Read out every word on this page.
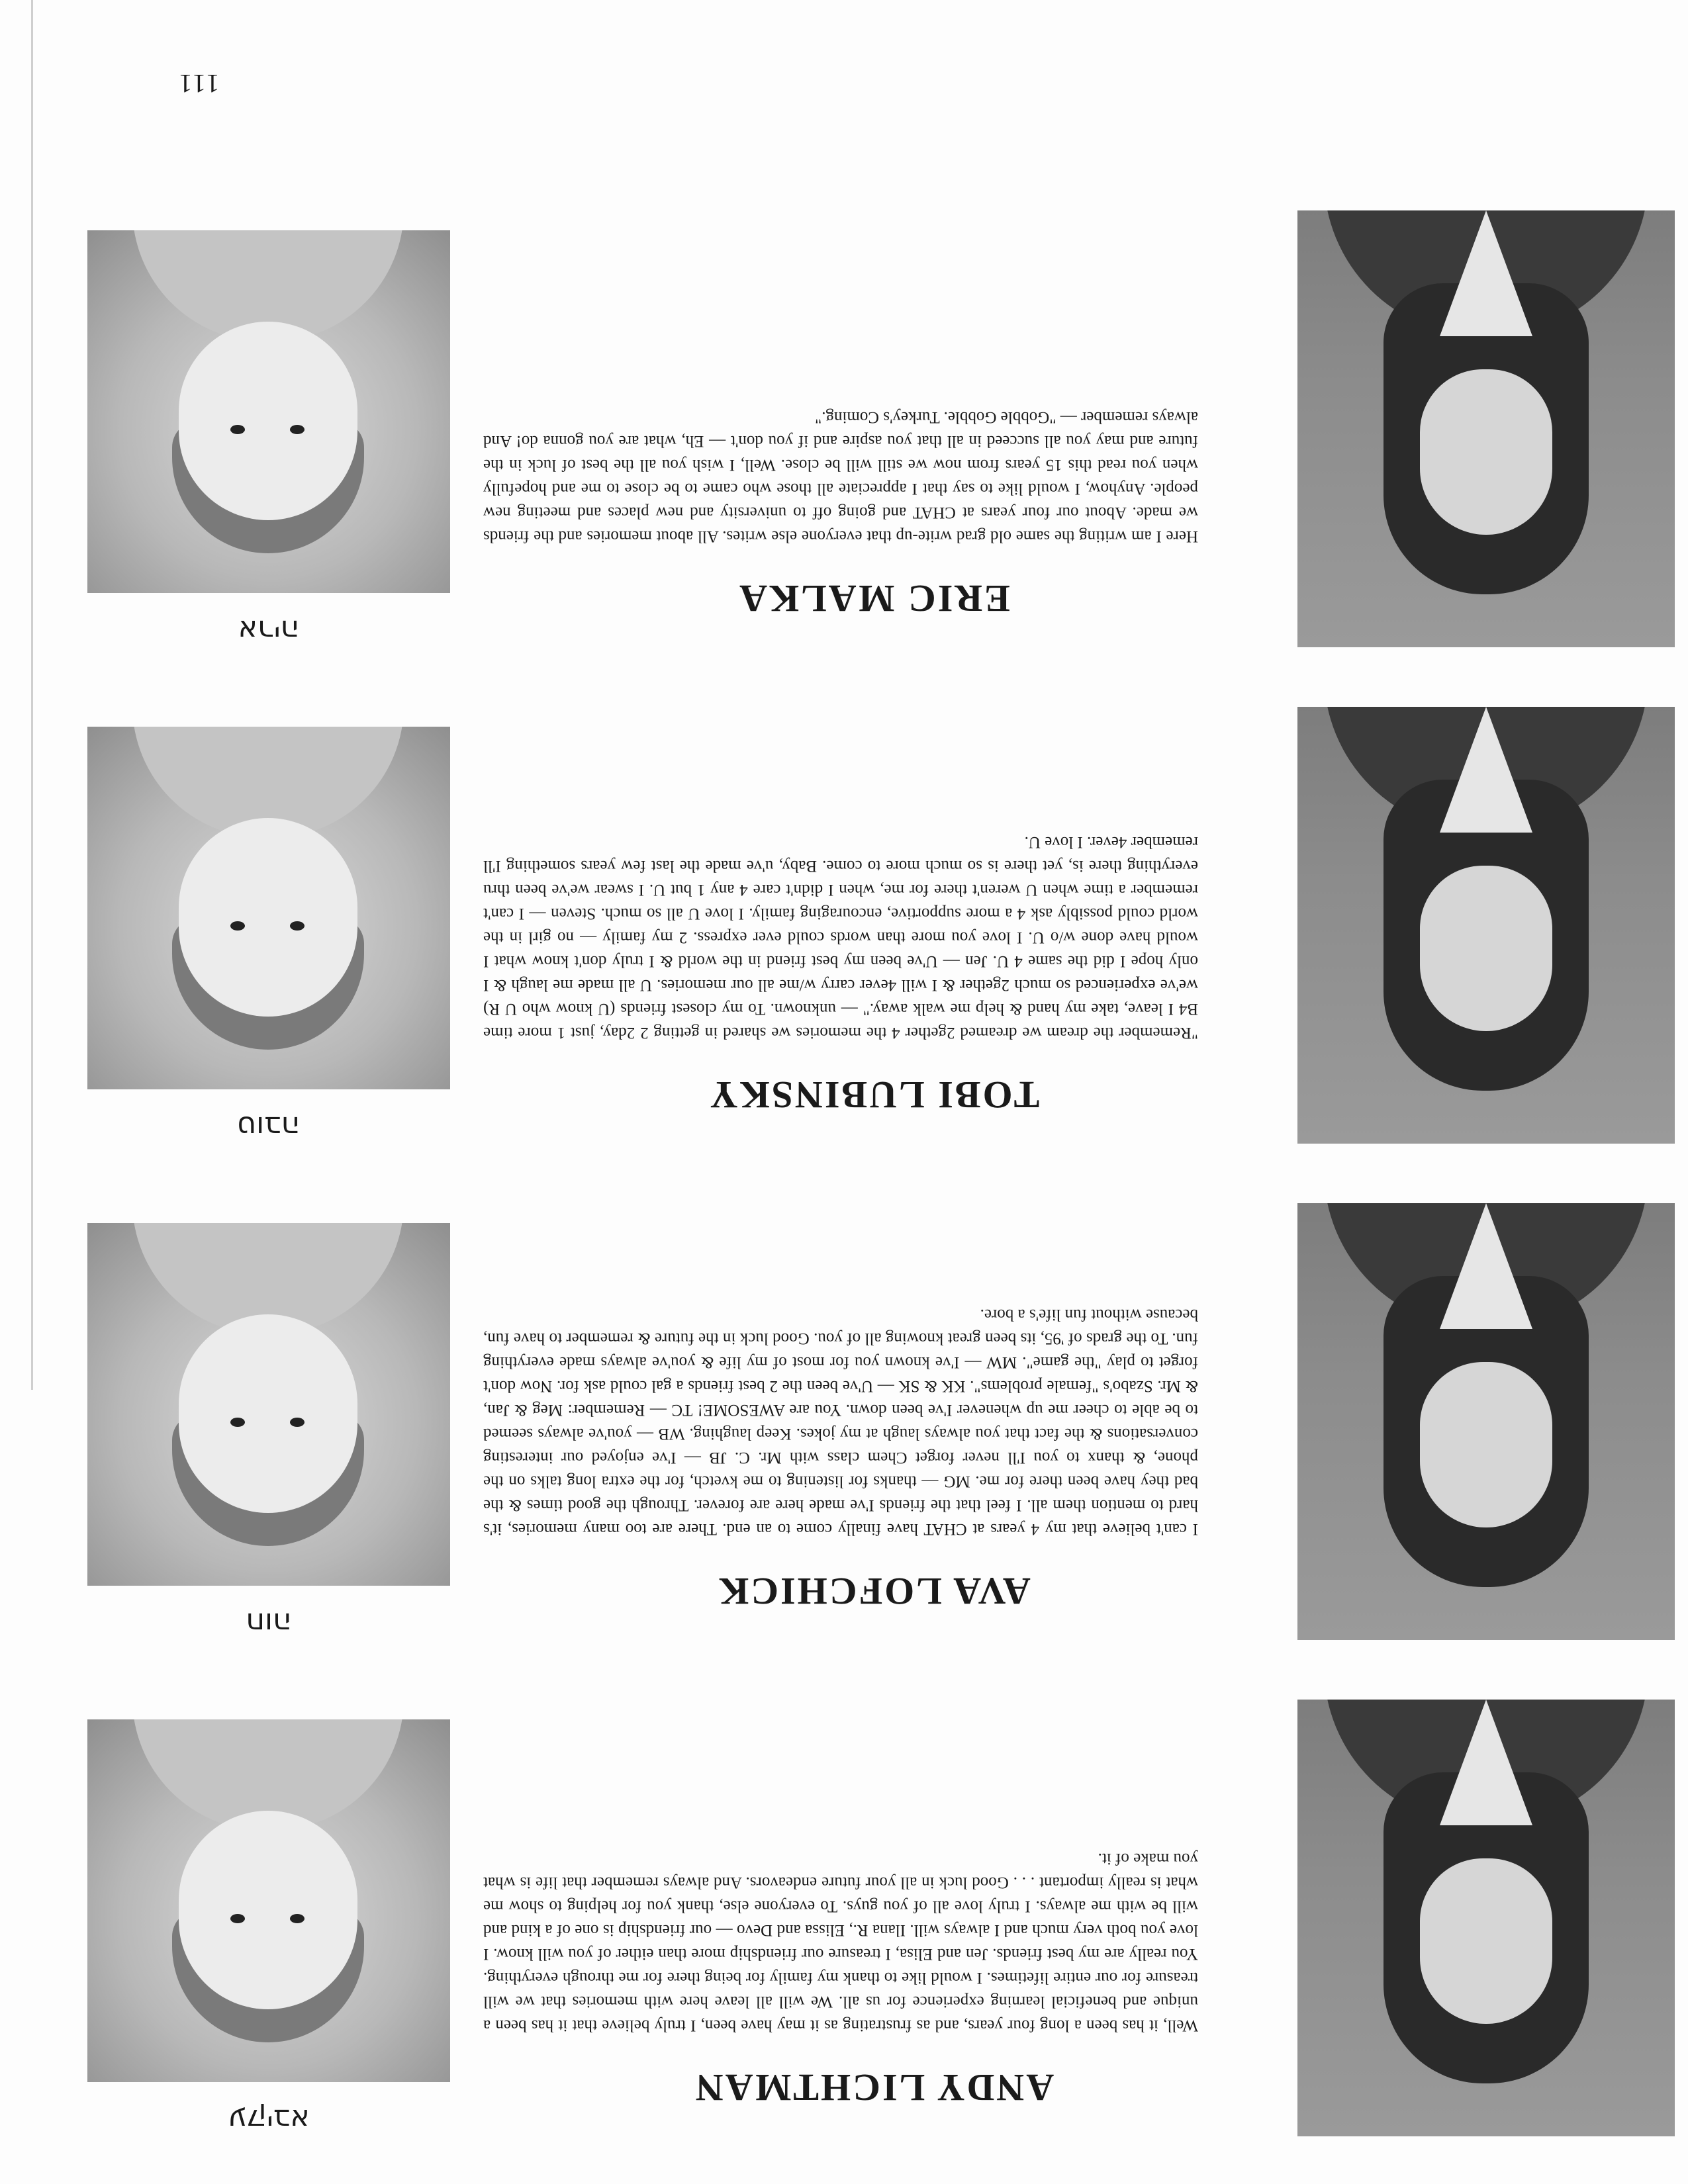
111
ANDY LICHTMAN
Well, it has been a long four years, and as frustrating as it may have been, I truly believe that it has been a unique and beneficial learning experience for us all. We will all leave here with memories that we will treasure for our entire lifetimes. I would like to thank my family for being there for me through everything. You really are my best friends. Jen and Elisa, I treasure our friendship more than either of you will know. I love you both very much and I always will. Ilana R., Elissa and Devo — our friendship is one of a kind and will be with me always. I truly love all of you guys. To everyone else, thank you for helping to show me what is really important . . . Good luck in all your future endeavors. And always remember that life is what you make of it.
עקיבא
AVA LOFCHICK
I can't believe that my 4 years at CHAT have finally come to an end. There are too many memories, it's hard to mention them all. I feel that the friends I've made here are forever. Through the good times & the bad they have been there for me. MG — thanks for listening to me kvetch, for the extra long talks on the phone, & thanx to you I'll never forget Chem class with Mr. C. JB — I've enjoyed our interesting conversations & the fact that you always laugh at my jokes. Keep laughing. WB — you've always seemed to be able to cheer me up whenever I've been down. You are AWESOME! TC — Remember: Meg & Jan, & Mr. Szabo's "female problems". KK & SK — U've been the 2 best friends a gal could ask for. Now don't forget to play "the game". MW — I've known you for most of my life & you've always made everything fun. To the grads of '95, its been great knowing all of you. Good luck in the future & remember to have fun, because without fun life's a bore.
חוה
TOBI LUBINSKY
"Remember the dream we dreamed 2gether 4 the memories we shared in getting 2 2day, just 1 more time B4 I leave, take my hand & help me walk away." — unknown. To my closest friends (U know who U R) we've experienced so much 2gether & I will 4ever carry w/me all our memories. U all made me laugh & I only hope I did the same 4 U. Jen — U've been my best friend in the world & I truly don't know what I would have done w/o U. I love you more than words could ever express. 2 my family — no girl in the world could possibly ask 4 a more supportive, encouraging family. I love U all so much. Steven — I can't remember a time when U weren't there for me, when I didn't care 4 any 1 but U. I swear we've been thru everything there is, yet there is so much more to come. Baby, u've made the last few years something I'll remember 4ever. I love U.
טובה
ERIC MALKA
Here I am writing the same old grad write-up that everyone else writes. All about memories and the friends we made. About our four years at CHAT and going off to university and new places and meeting new people. Anyhow, I would like to say that I appreciate all those who came to be close to me and hopefully when you read this 15 years from now we still will be close. Well, I wish you all the best of luck in the future and may you all succeed in all that you aspire and if you don't — Eh, what are you gonna do! And always remember — "Gobble Gobble. Turkey's Coming."
אריה
